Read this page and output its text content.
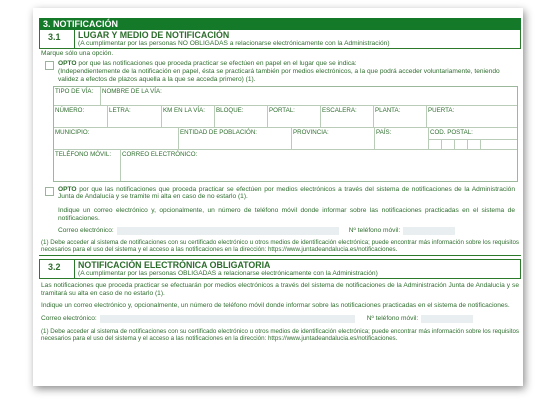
3. NOTIFICACIÓN
3.1	LUGAR Y MEDIO DE NOTIFICACIÓN
(A cumplimentar por las personas NO OBLIGADAS a relacionarse electrónicamente con la Administración)
Marque sólo una opción.
OPTO por que las notificaciones que proceda practicar se efectúen en papel en el lugar que se indica:
(Independientemente de la notificación en papel, ésta se practicará también por medios electrónicos, a la que podrá acceder voluntariamente, teniendo validez a efectos de plazos aquella a la que se acceda primero) (1).
TIPO DE VÍA: NOMBRE DE LA VÍA:
NÚMERO:	LETRA:	KM EN LA VÍA: BLOQUE:	PORTAL:	ESCALERA:	PLANTA:	PUERTA:
MUNICIPIO:	ENTIDAD DE POBLACIÓN:	PROVINCIA:	PAÍS:	COD. POSTAL:
TELÉFONO MÓVIL: CORREO ELECTRÓNICO:
OPTO por que las notificaciones que proceda practicar se efectúen por medios electrónicos a través del sistema de notificaciones de la Administración Junta de Andalucía y se tramite mi alta en caso de no estarlo (1).
Indique un correo electrónico y, opcionalmente, un número de teléfono móvil donde informar sobre las notificaciones practicadas en el sistema de notificaciones.
Correo electrónico:	Nº teléfono móvil:
(1) Debe acceder al sistema de notificaciones con su certificado electrónico u otros medios de identificación electrónica; puede encontrar más información sobre los requisitos necesarios para el uso del sistema y el acceso a las notificaciones en la dirección: https://www.juntadeandalucia.es/notificaciones.
3.2	NOTIFICACIÓN ELECTRÓNICA OBLIGATORIA
(A cumplimentar por las personas OBLIGADAS a relacionarse electrónicamente con la Administración)
Las notificaciones que proceda practicar se efectuarán por medios electrónicos a través del sistema de notificaciones de la Administración Junta de Andalucía y se tramitará su alta en caso de no estarlo (1).
Indique un correo electrónico y, opcionalmente, un número de teléfono móvil donde informar sobre las notificaciones practicadas en el sistema de notificaciones.
Correo electrónico:	Nº teléfono móvil:
(1) Debe acceder al sistema de notificaciones con su certificado electrónico u otros medios de identificación electrónica; puede encontrar más información sobre los requisitos necesarios para el uso del sistema y el acceso a las notificaciones en la dirección: https://www.juntadeandalucia.es/notificaciones.
